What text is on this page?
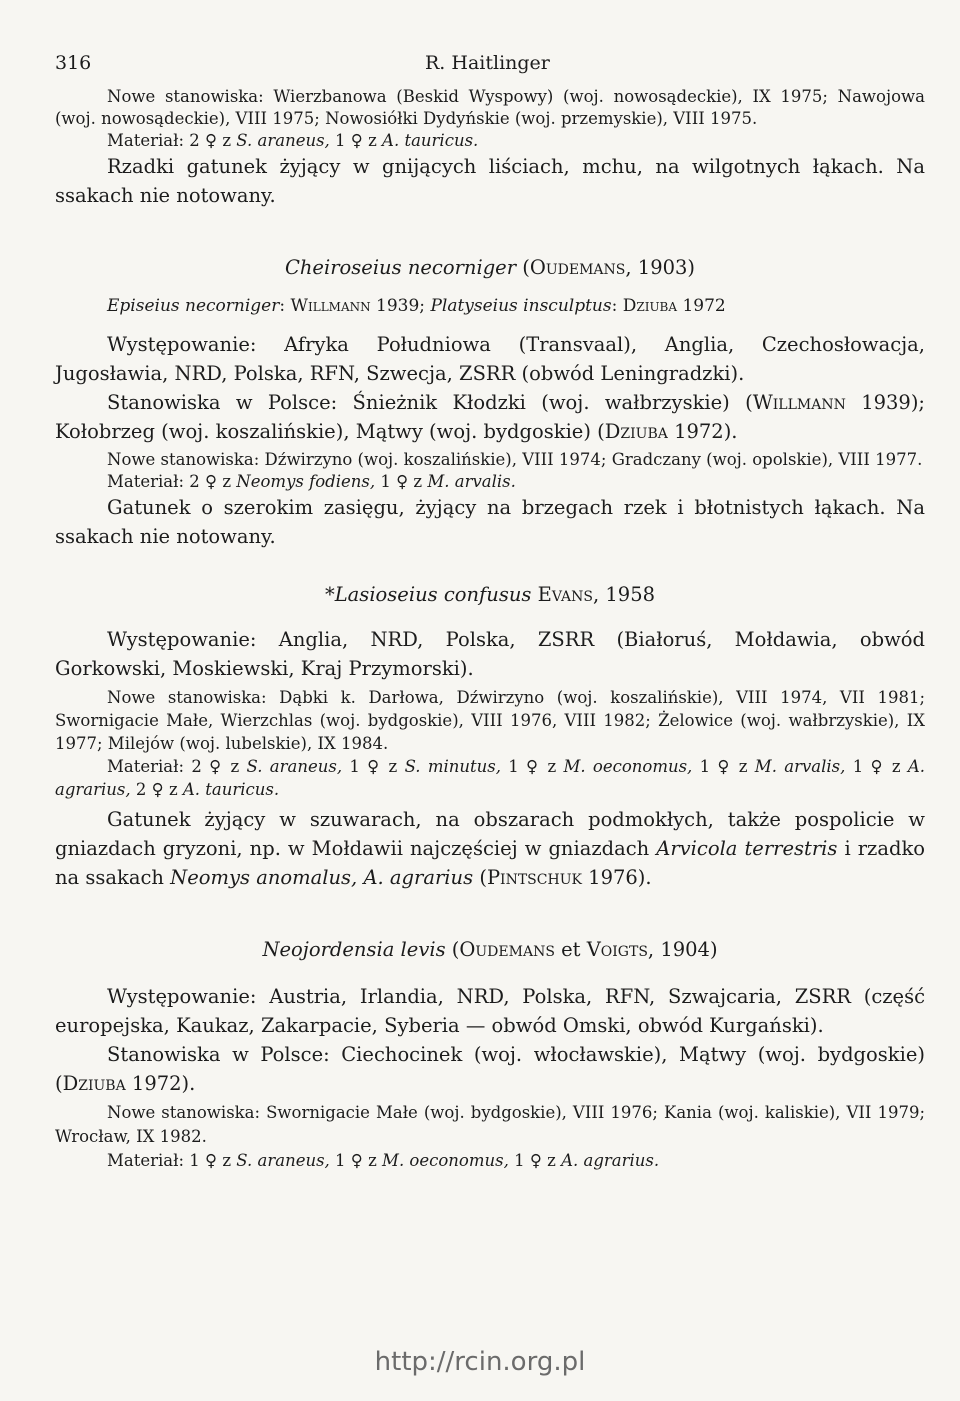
316	R. Haitlinger

Nowe stanowiska: Wierzbanowa (Beskid Wyspowy) (woj. nowosądeckie), IX 1975; Nawojowa (woj. nowosądeckie), VIII 1975; Nowosiółki Dydyńskie (woj. przemyskie), VIII 1975.

Materiał: 2 ♀ z S. araneus, 1 ♀ z A. tauricus.

Rzadki gatunek żyjący w gnijących liściach, mchu, na wilgotnych łąkach. Na ssakach nie notowany.

Cheiroseius necorniger (Oudemans, 1903)

Episeius necorniger: Willmann 1939; Platyseius insculptus: Dziuba 1972

Występowanie: Afryka Południowa (Transvaal), Anglia, Czechosłowacja, Jugosławia, NRD, Polska, RFN, Szwecja, ZSRR (obwód Leningradzki).

Stanowiska w Polsce: Śnieżnik Kłodzki (woj. wałbrzyskie) (Willmann 1939); Kołobrzeg (woj. koszalińskie), Mątwy (woj. bydgoskie) (Dziuba 1972).

Nowe stanowiska: Dźwirzyno (woj. koszalińskie), VIII 1974; Gradczany (woj. opolskie), VIII 1977.

Materiał: 2 ♀ z Neomys fodiens, 1 ♀ z M. arvalis.

Gatunek o szerokim zasięgu, żyjący na brzegach rzek i błotnistych łąkach. Na ssakach nie notowany.

*Lasioseius confusus Evans, 1958

Występowanie: Anglia, NRD, Polska, ZSRR (Białoruś, Mołdawia, obwód Gorkowski, Moskiewski, Kraj Przymorski).

Nowe stanowiska: Dąbki k. Darłowa, Dźwirzyno (woj. koszalińskie), VIII 1974, VII 1981; Swornigacie Małe, Wierzchlas (woj. bydgoskie), VIII 1976, VIII 1982; Żelowice (woj. wałbrzyskie), IX 1977; Milejów (woj. lubelskie), IX 1984.

Materiał: 2 ♀ z S. araneus, 1 ♀ z S. minutus, 1 ♀ z M. oeconomus, 1 ♀ z M. arvalis, 1 ♀ z A. agrarius, 2 ♀ z A. tauricus.

Gatunek żyjący w szuwarach, na obszarach podmokłych, także pospolicie w gniazdach gryzoni, np. w Mołdawii najczęściej w gniazdach Arvicola terrestris i rzadko na ssakach Neomys anomalus, A. agrarius (Pintschuk 1976).

Neojordensia levis (Oudemans et Voigts, 1904)

Występowanie: Austria, Irlandia, NRD, Polska, RFN, Szwajcaria, ZSRR (część europejska, Kaukaz, Zakarpacie, Syberia — obwód Omski, obwód Kurgański).

Stanowiska w Polsce: Ciechocinek (woj. włocławskie), Mątwy (woj. bydgoskie) (Dziuba 1972).

Nowe stanowiska: Swornigacie Małe (woj. bydgoskie), VIII 1976; Kania (woj. kaliskie), VII 1979; Wrocław, IX 1982.

Materiał: 1 ♀ z S. araneus, 1 ♀ z M. oeconomus, 1 ♀ z A. agrarius.

http://rcin.org.pl
